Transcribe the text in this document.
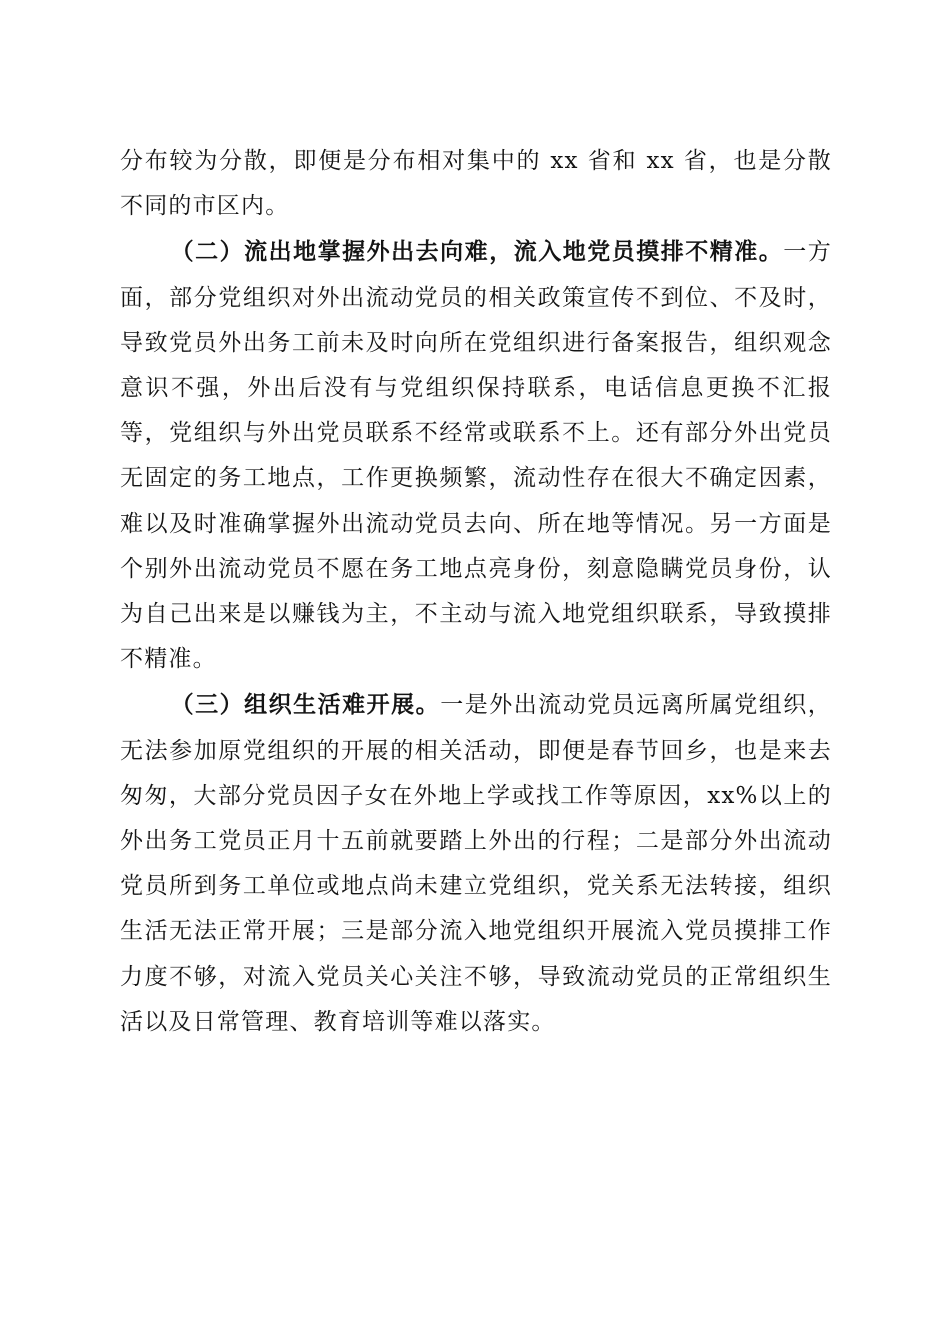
分布较为分散，即便是分布相对集中的 xx 省和 xx 省，也是分散不同的市区内。

（二）流出地掌握外出去向难，流入地党员摸排不精准。一方面，部分党组织对外出流动党员的相关政策宣传不到位、不及时，导致党员外出务工前未及时向所在党组织进行备案报告，组织观念意识不强，外出后没有与党组织保持联系，电话信息更换不汇报等，党组织与外出党员联系不经常或联系不上。还有部分外出党员无固定的务工地点，工作更换频繁，流动性存在很大不确定因素，难以及时准确掌握外出流动党员去向、所在地等情况。另一方面是个别外出流动党员不愿在务工地点亮身份，刻意隐瞒党员身份，认为自己出来是以赚钱为主，不主动与流入地党组织联系，导致摸排不精准。

（三）组织生活难开展。一是外出流动党员远离所属党组织，无法参加原党组织的开展的相关活动，即便是春节回乡，也是来去匆匆，大部分党员因子女在外地上学或找工作等原因，xx%以上的外出务工党员正月十五前就要踏上外出的行程；二是部分外出流动党员所到务工单位或地点尚未建立党组织，党关系无法转接，组织生活无法正常开展；三是部分流入地党组织开展流入党员摸排工作力度不够，对流入党员关心关注不够，导致流动党员的正常组织生活以及日常管理、教育培训等难以落实。
